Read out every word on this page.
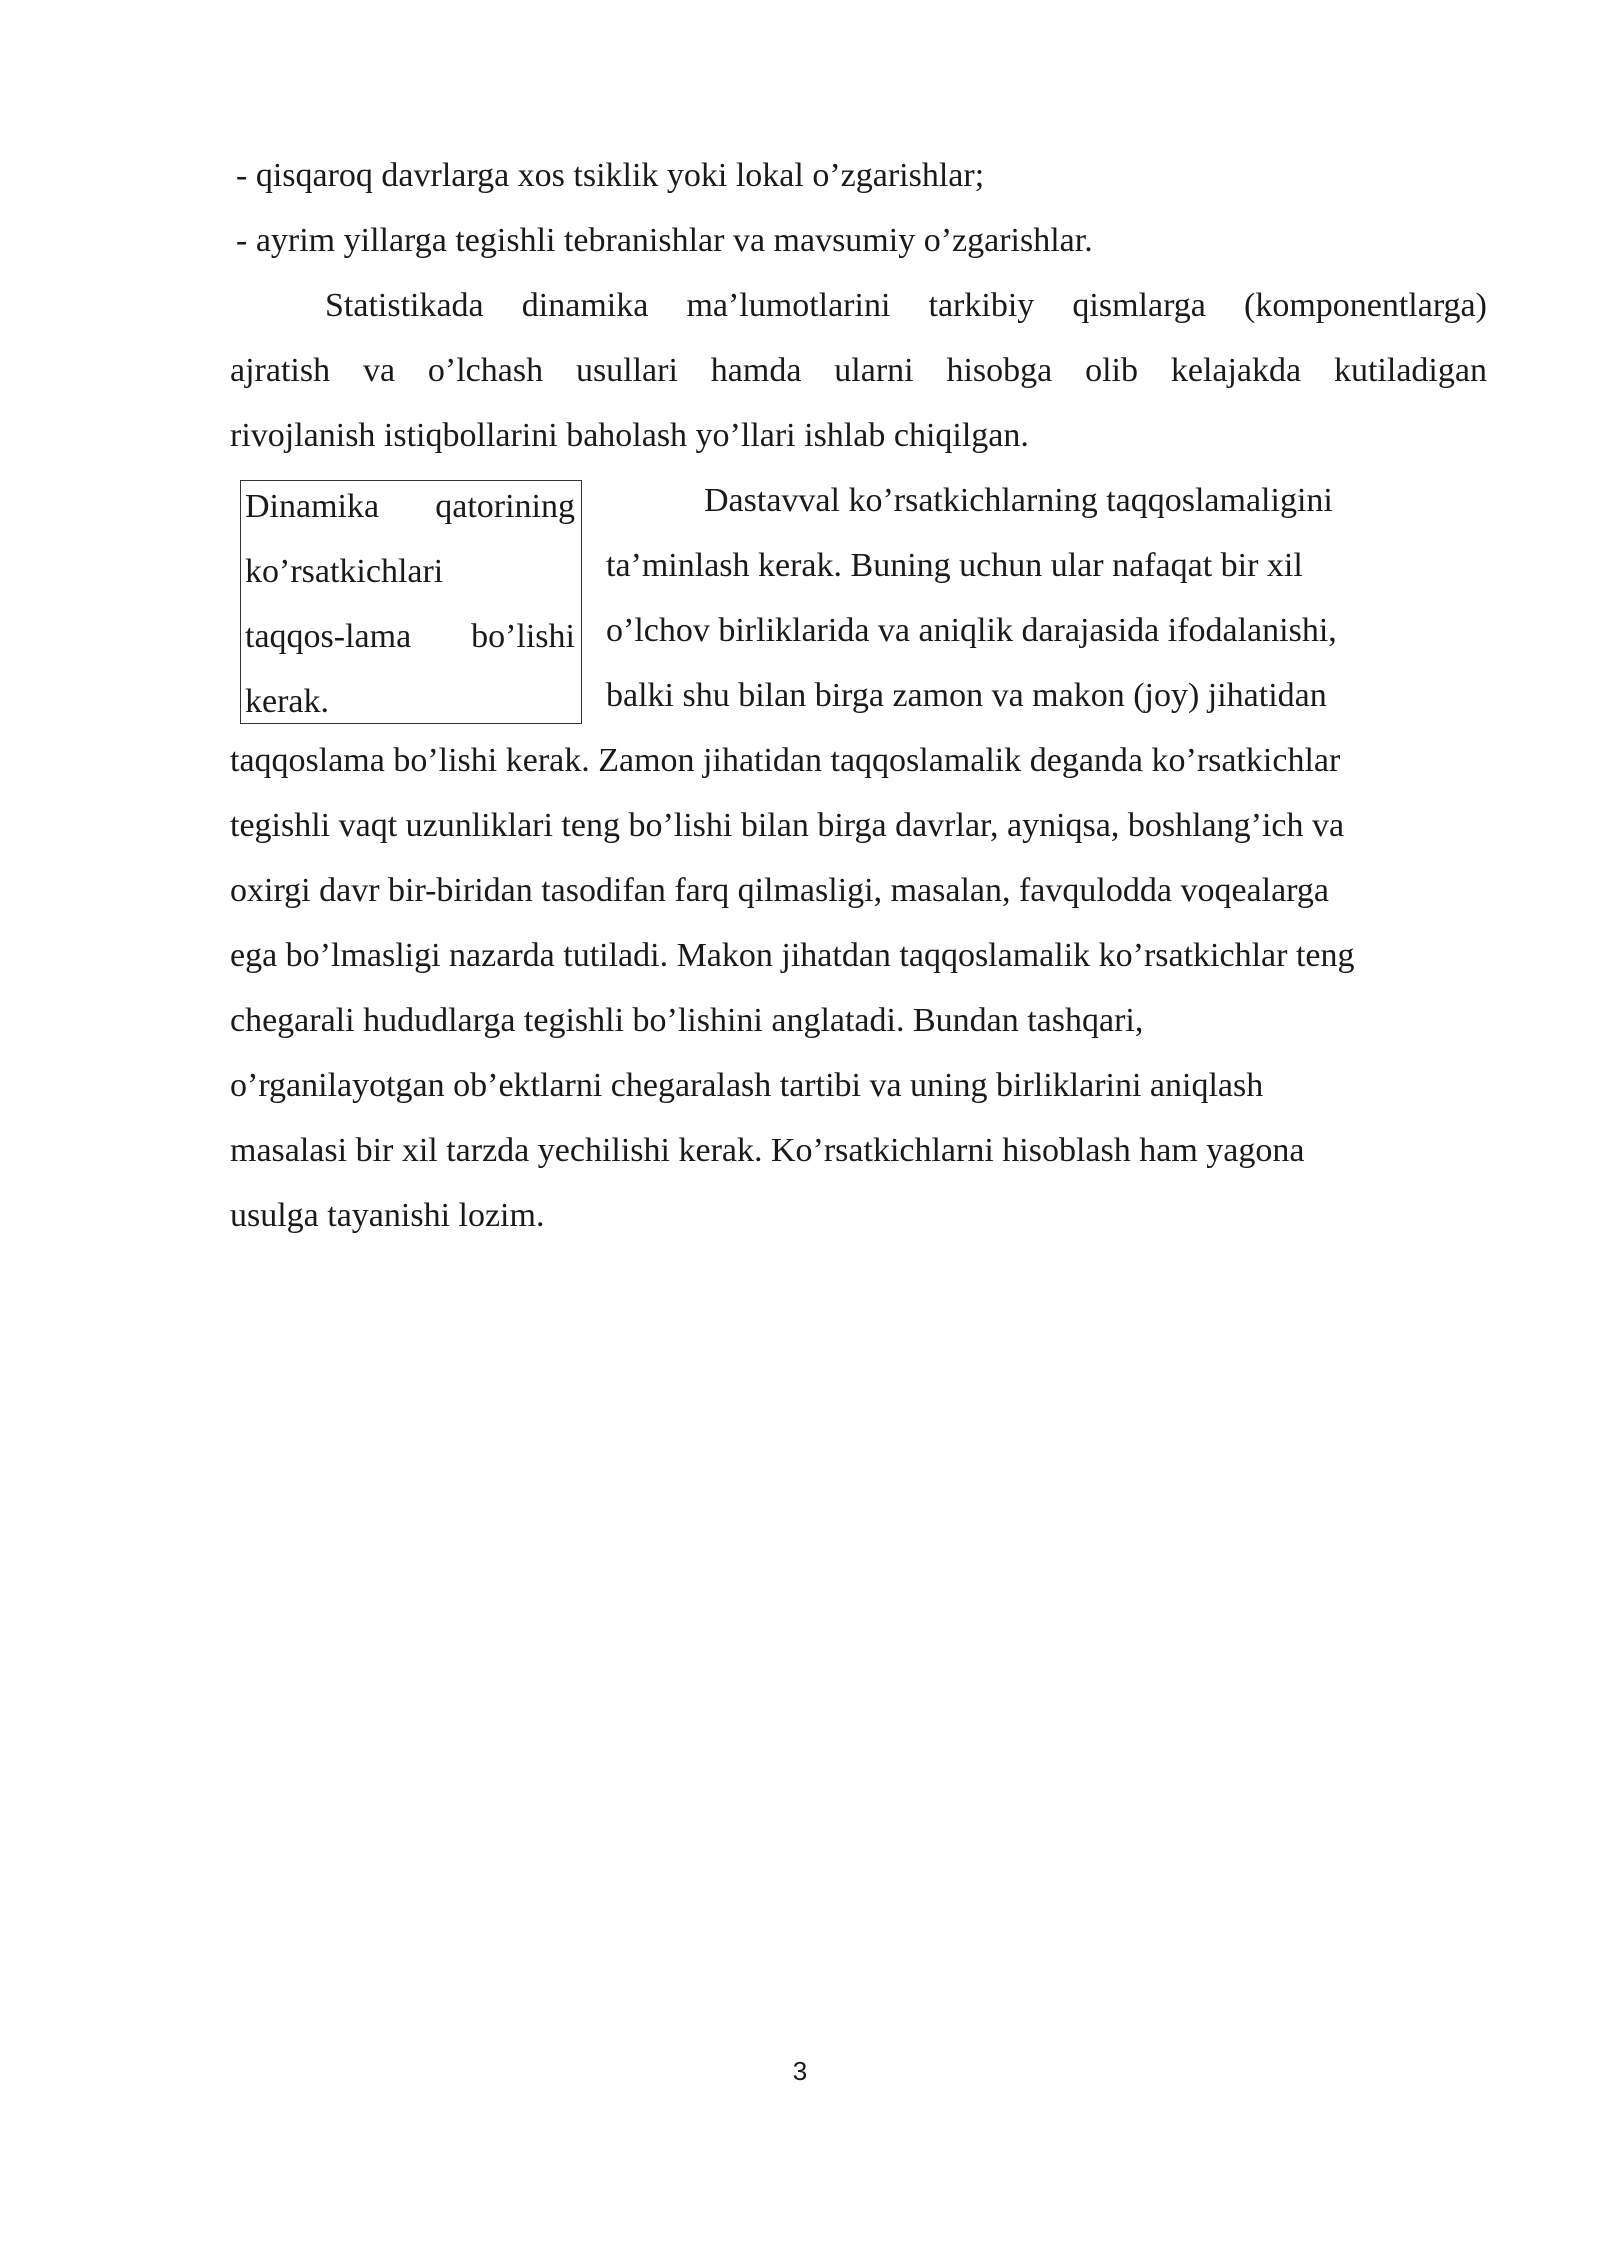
- qisqaroq davrlarga xos tsiklik yoki lokal o’zgarishlar;
- ayrim yillarga tegishli tebranishlar va mavsumiy o’zgarishlar.
Statistikada dinamika ma’lumotlarini tarkibiy qismlarga (komponentlarga)
ajratish va o’lchash usullari hamda ularni hisobga olib kelajakda kutiladigan
rivojlanish istiqbollarini baholash yo’llari ishlab chiqilgan.
Dinamika qatorining
ko’rsatkichlari
taqqos-lama bo’lishi
kerak.
Dastavval ko’rsatkichlarning taqqoslamaligini
ta’minlash kerak. Buning uchun ular nafaqat bir xil
o’lchov birliklarida va aniqlik darajasida ifodalanishi,
balki shu bilan birga zamon va makon (joy) jihatidan
taqqoslama bo’lishi kerak. Zamon jihatidan taqqoslamalik deganda ko’rsatkichlar
tegishli vaqt uzunliklari teng bo’lishi bilan birga davrlar, ayniqsa, boshlang’ich va
oxirgi davr bir-biridan tasodifan farq qilmasligi, masalan, favqulodda voqealarga
ega bo’lmasligi nazarda tutiladi. Makon jihatdan taqqoslamalik ko’rsatkichlar teng
chegarali hududlarga tegishli bo’lishini anglatadi. Bundan tashqari,
o’rganilayotgan ob’ektlarni chegaralash tartibi va uning birliklarini aniqlash
masalasi bir xil tarzda yechilishi kerak. Ko’rsatkichlarni hisoblash ham yagona
usulga tayanishi lozim.
3
